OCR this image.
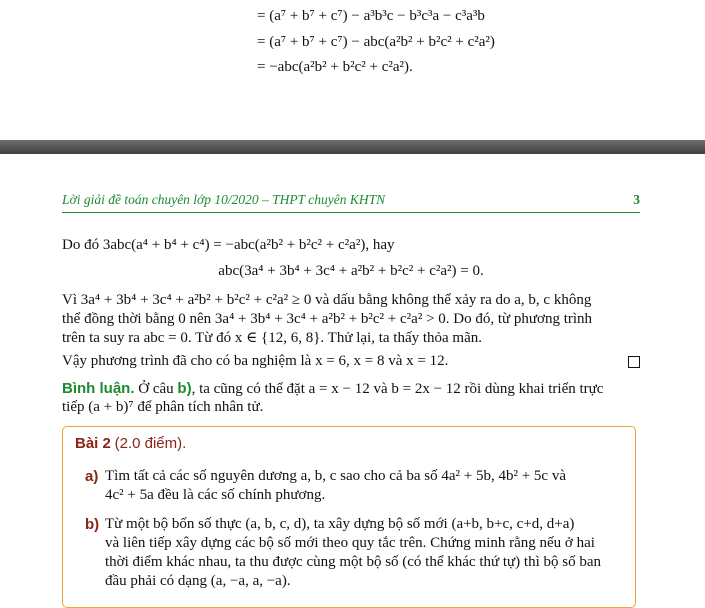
= (a⁷ + b⁷ + c⁷) − a³b³c − b³c³a − c³a³b
= (a⁷ + b⁷ + c⁷) − abc(a²b² + b²c² + c²a²)
= −abc(a²b² + b²c² + c²a²).
Lời giải đề toán chuyên lớp 10/2020 – THPT chuyên KHTN	3
Do đó 3abc(a⁴ + b⁴ + c⁴) = −abc(a²b² + b²c² + c²a²), hay
abc(3a⁴ + 3b⁴ + 3c⁴ + a²b² + b²c² + c²a²) = 0.
Vì 3a⁴ + 3b⁴ + 3c⁴ + a²b² + b²c² + c²a² ≥ 0 và dấu bằng không thể xảy ra do a, b, c không
thể đồng thời bằng 0 nên 3a⁴ + 3b⁴ + 3c⁴ + a²b² + b²c² + c²a² > 0. Do đó, từ phương trình
trên ta suy ra abc = 0. Từ đó x ∈ {12, 6, 8}. Thử lại, ta thấy thỏa mãn.
Vậy phương trình đã cho có ba nghiệm là x = 6, x = 8 và x = 12.
Bình luận. Ở câu b), ta cũng có thể đặt a = x − 12 và b = 2x − 12 rồi dùng khai triển trực
tiếp (a + b)⁷ để phân tích nhân tử.
Bài 2 (2.0 điểm).
a) Tìm tất cả các số nguyên dương a, b, c sao cho cả ba số 4a² + 5b, 4b² + 5c và
4c² + 5a đều là các số chính phương.
b) Từ một bộ bốn số thực (a, b, c, d), ta xây dựng bộ số mới (a+b, b+c, c+d, d+a)
và liên tiếp xây dựng các bộ số mới theo quy tắc trên. Chứng minh rằng nếu ở hai
thời điểm khác nhau, ta thu được cùng một bộ số (có thể khác thứ tự) thì bộ số ban
đầu phải có dạng (a, −a, a, −a).
